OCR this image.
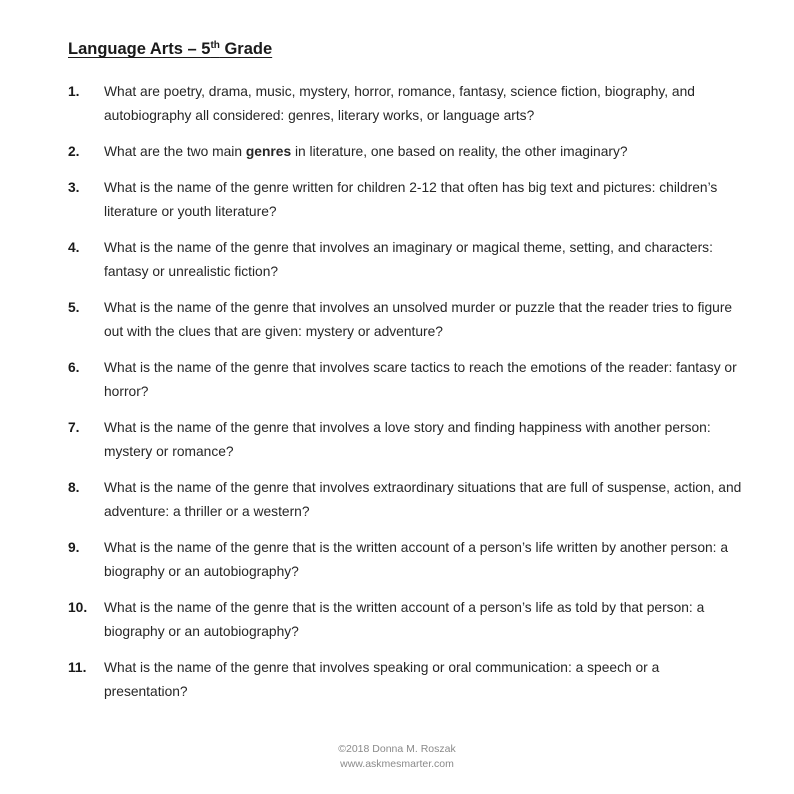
Language Arts – 5th Grade
1.	What are poetry, drama, music, mystery, horror, romance, fantasy, science fiction, biography, and autobiography all considered: genres, literary works, or language arts?
2.	What are the two main genres in literature, one based on reality, the other imaginary?
3.	What is the name of the genre written for children 2-12 that often has big text and pictures: children’s literature or youth literature?
4.	What is the name of the genre that involves an imaginary or magical theme, setting, and characters: fantasy or unrealistic fiction?
5.	What is the name of the genre that involves an unsolved murder or puzzle that the reader tries to figure out with the clues that are given: mystery or adventure?
6.	What is the name of the genre that involves scare tactics to reach the emotions of the reader: fantasy or horror?
7.	What is the name of the genre that involves a love story and finding happiness with another person: mystery or romance?
8.	What is the name of the genre that involves extraordinary situations that are full of suspense, action, and adventure: a thriller or a western?
9.	What is the name of the genre that is the written account of a person’s life written by another person: a biography or an autobiography?
10.	What is the name of the genre that is the written account of a person’s life as told by that person: a biography or an autobiography?
11.	What is the name of the genre that involves speaking or oral communication: a speech or a presentation?
©2018 Donna M. Roszak
www.askmesmarter.com
